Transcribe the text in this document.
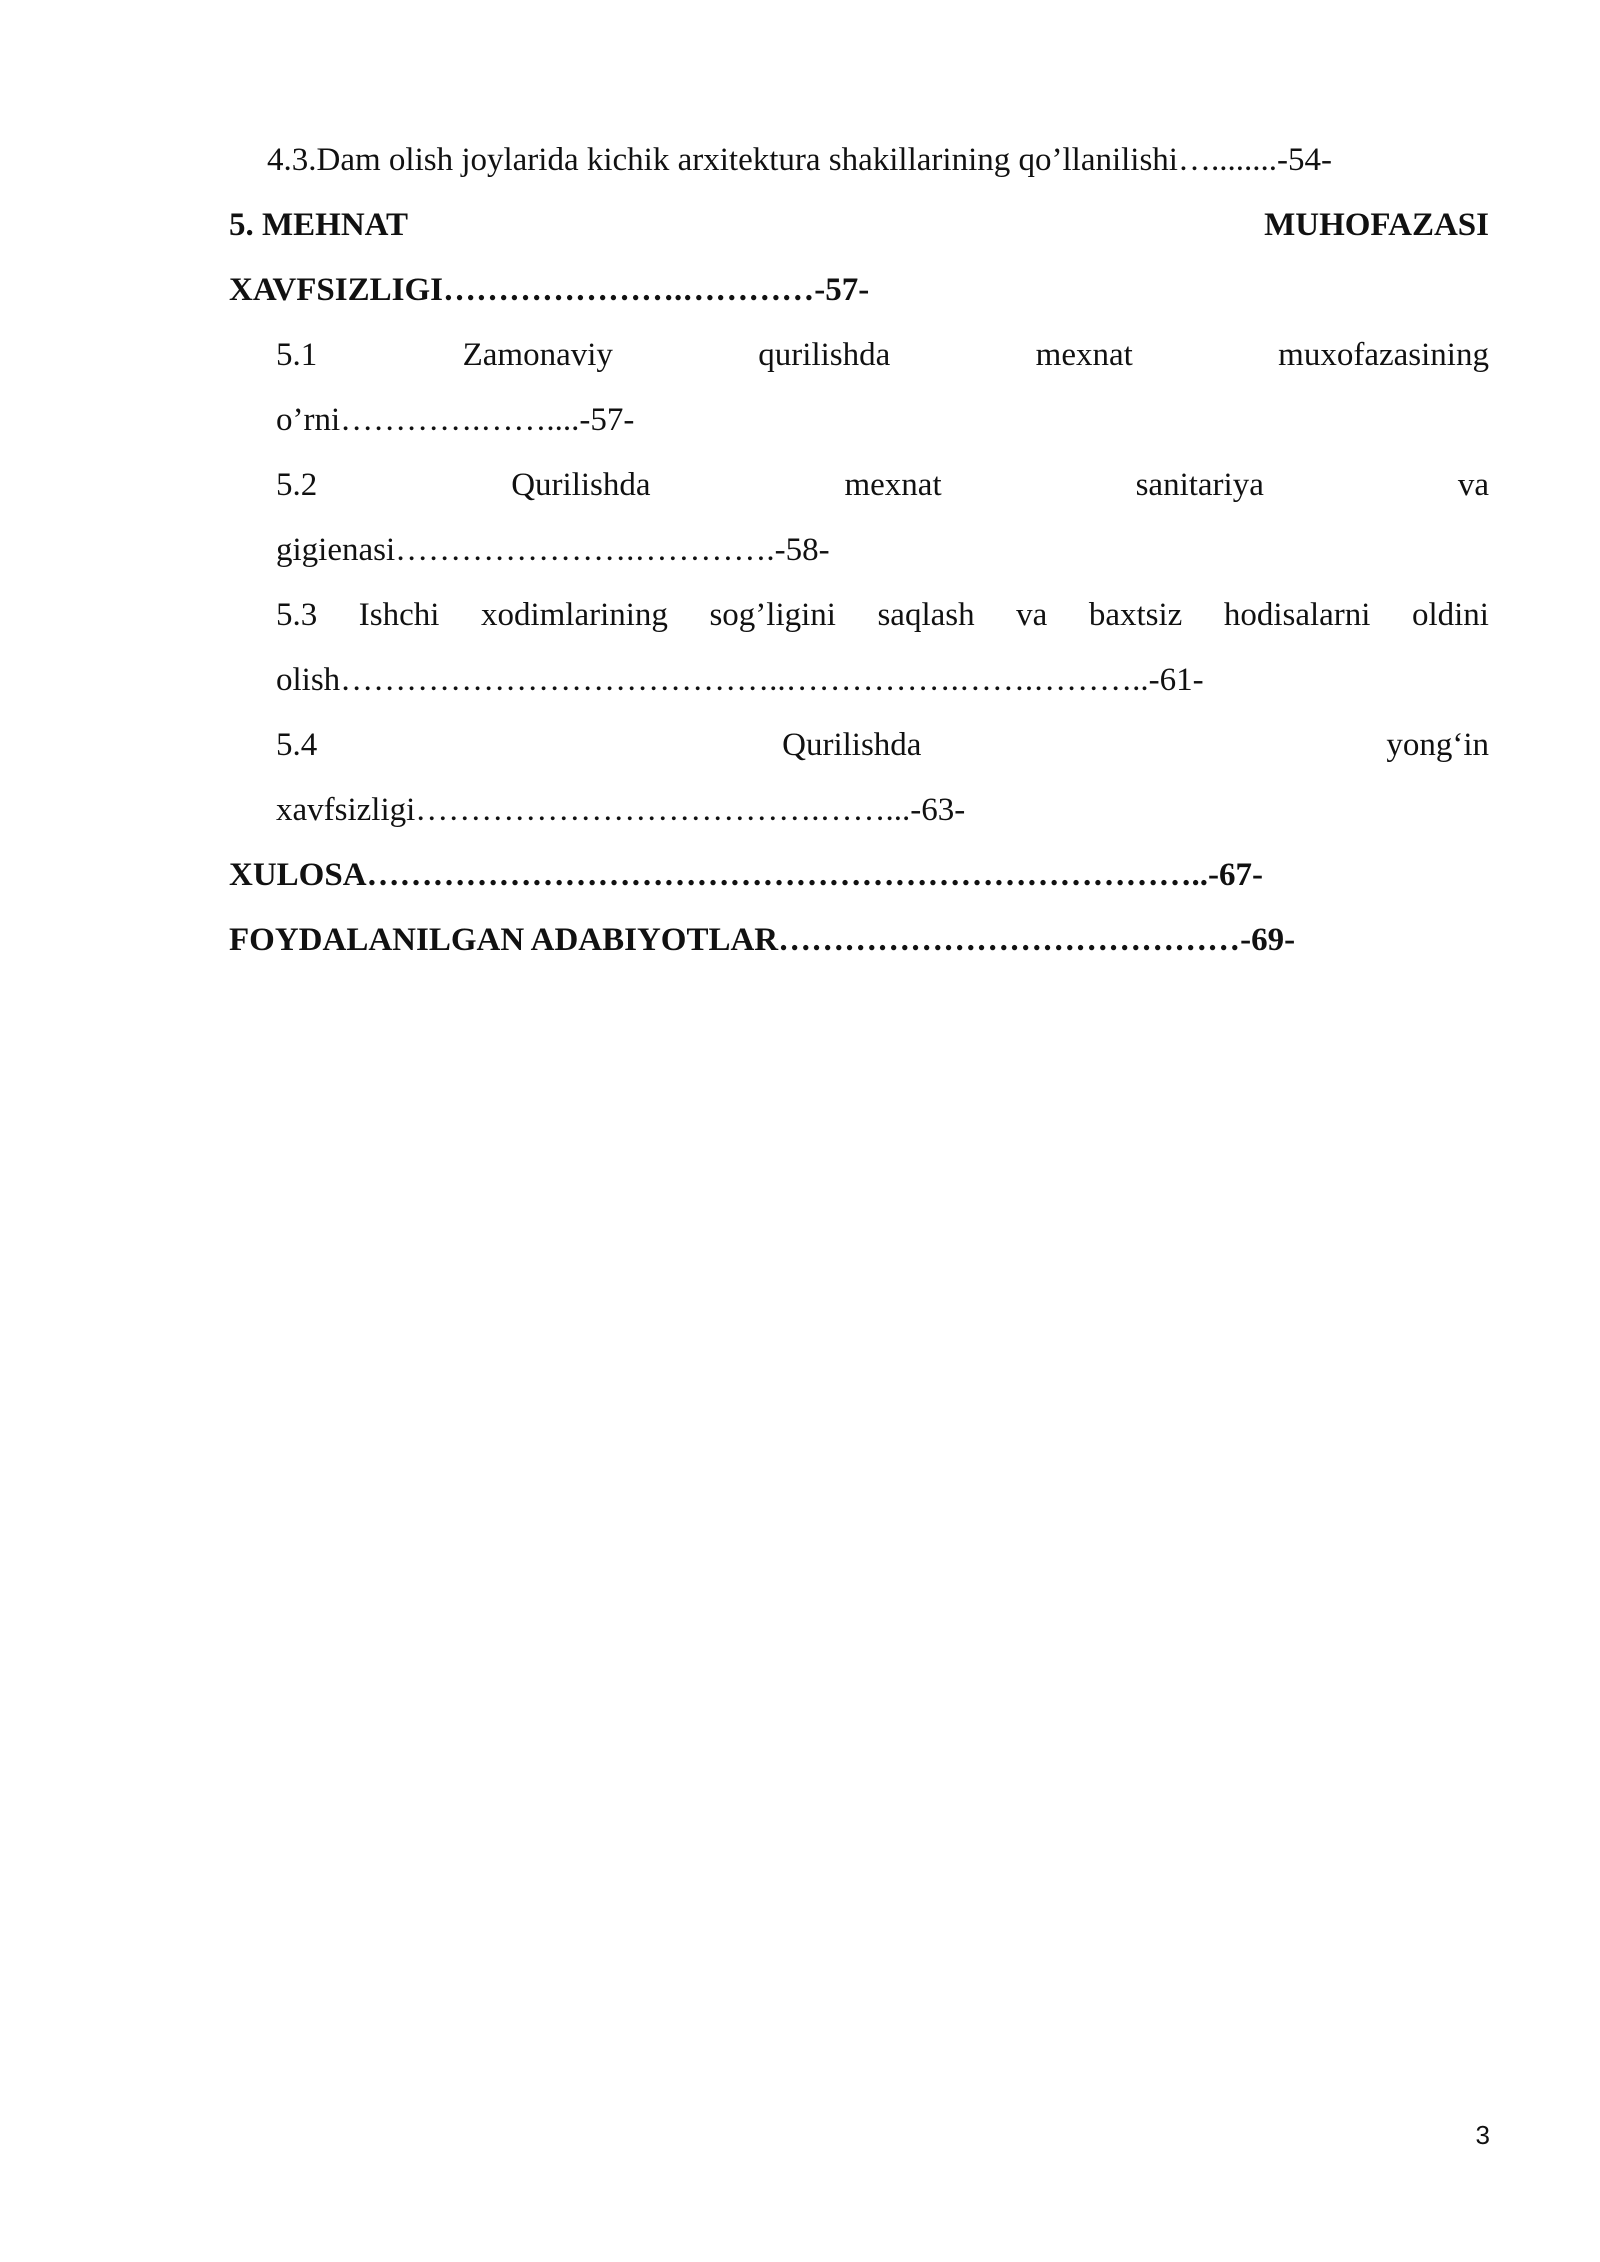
4.3.Dam olish joylarida kichik arxitektura shakillarining qo’llanilishi…........-54-
5. MEHNAT	MUHOFAZASI
XAVFSIZLIGI………………….…………-57-
5.1	Zamonaviy	qurilishda	mexnat	muxofazasining
o’rni………….……....-57-
5.2	Qurilishda	mexnat	sanitariya	va
gigienasi………………….………….-58-
5.3 Ishchi xodimlarining sog’ligini saqlash va baxtsiz hodisalarni oldini
olish…………………………………..…………….…….………..-61-
5.4	Qurilishda	yong‘in
xavfsizligi……………………………….……...-63-
XULOSA…………………………………………………………………..-67-
FOYDALANILGAN ADABIYOTLAR……………………………………-69-
3
